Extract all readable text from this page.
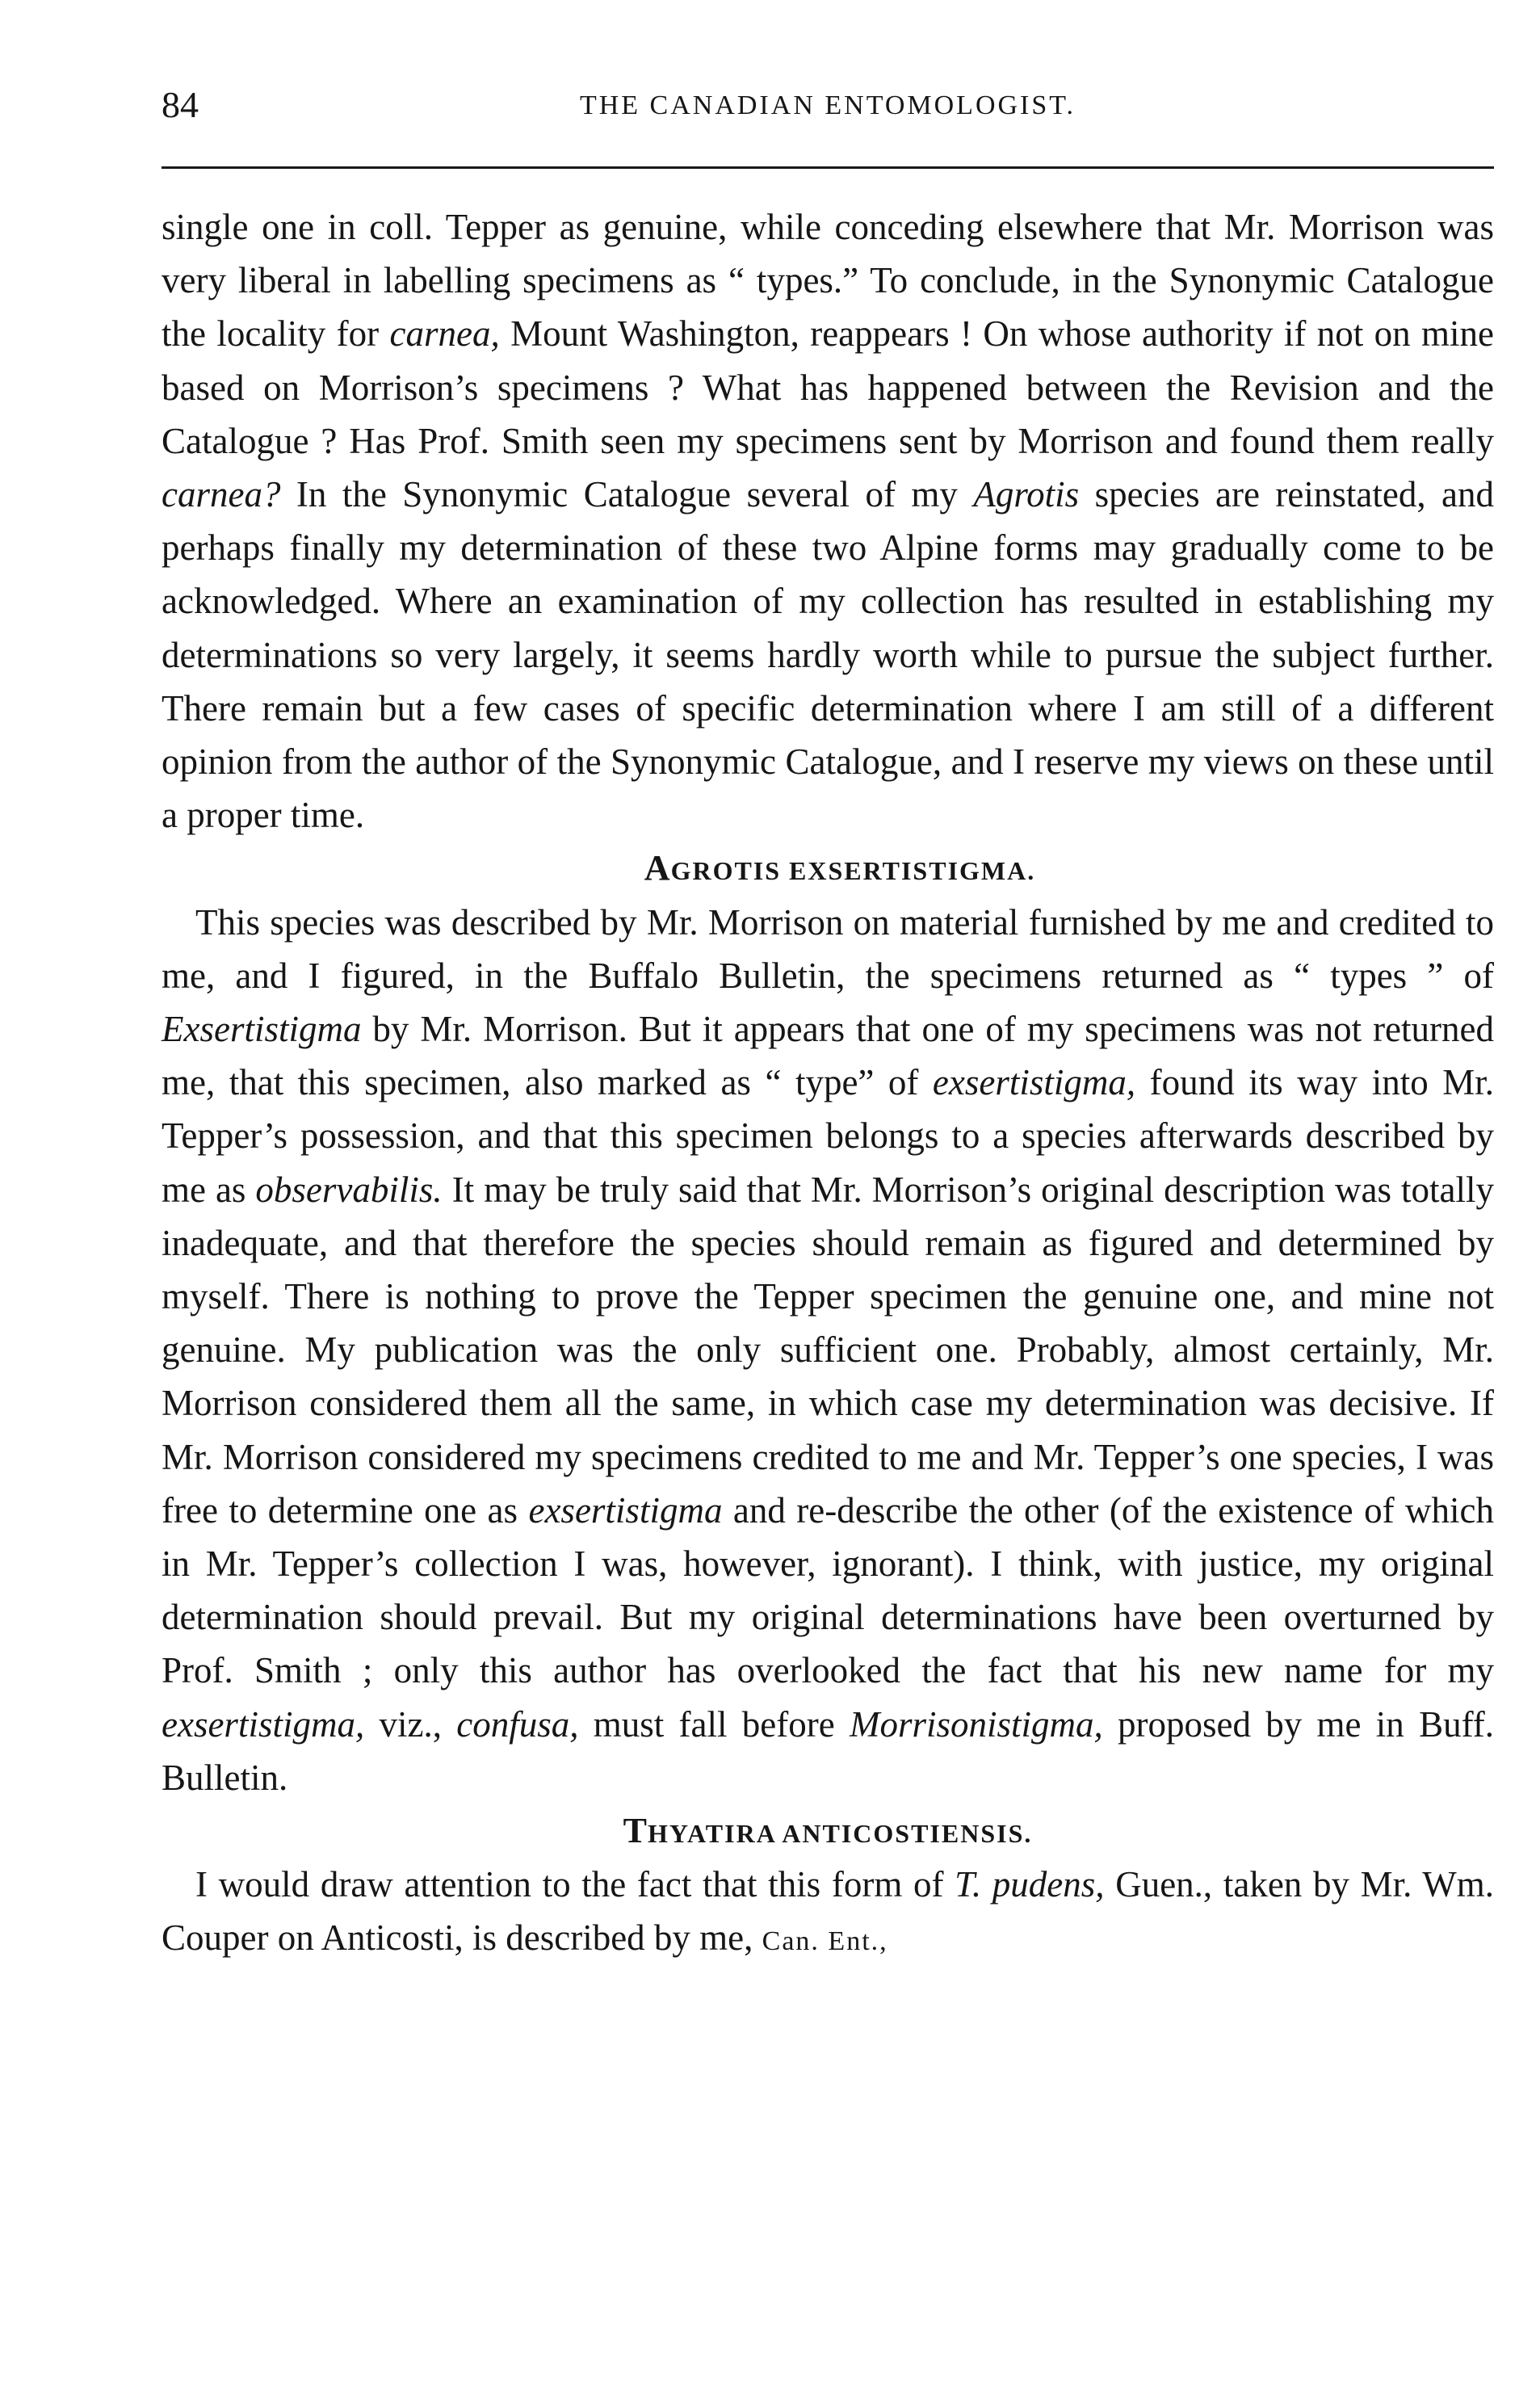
84	THE CANADIAN ENTOMOLOGIST.

single one in coll. Tepper as genuine, while conceding elsewhere that Mr. Morrison was very liberal in labelling specimens as “ types.” To conclude, in the Synonymic Catalogue the locality for carnea, Mount Washington, reappears ! On whose authority if not on mine based on Morrison’s specimens ? What has happened between the Revision and the Catalogue ? Has Prof. Smith seen my specimens sent by Morrison and found them really carnea? In the Synonymic Catalogue several of my Agrotis species are reinstated, and perhaps finally my determination of these two Alpine forms may gradually come to be acknowledged. Where an examination of my collection has resulted in establishing my determinations so very largely, it seems hardly worth while to pursue the subject further. There remain but a few cases of specific determination where I am still of a different opinion from the author of the Synonymic Catalogue, and I reserve my views on these until a proper time.

AGROTIS EXSERTISTIGMA.

This species was described by Mr. Morrison on material furnished by me and credited to me, and I figured, in the Buffalo Bulletin, the specimens returned as “ types ” of Exsertistigma by Mr. Morrison. But it appears that one of my specimens was not returned me, that this specimen, also marked as “ type” of exsertistigma, found its way into Mr. Tepper’s possession, and that this specimen belongs to a species afterwards described by me as observabilis. It may be truly said that Mr. Morrison’s original description was totally inadequate, and that therefore the species should remain as figured and determined by myself. There is nothing to prove the Tepper specimen the genuine one, and mine not genuine. My publication was the only sufficient one. Probably, almost certainly, Mr. Morrison considered them all the same, in which case my determination was decisive. If Mr. Morrison considered my specimens credited to me and Mr. Tepper’s one species, I was free to determine one as exsertistigma and re-describe the other (of the existence of which in Mr. Tepper’s collection I was, however, ignorant). I think, with justice, my original determination should prevail. But my original determinations have been overturned by Prof. Smith ; only this author has overlooked the fact that his new name for my exsertistigma, viz., confusa, must fall before Morrisonistigma, proposed by me in Buff. Bulletin.

THYATIRA ANTICOSTIENSIS.

I would draw attention to the fact that this form of T. pudens, Guen., taken by Mr. Wm. Couper on Anticosti, is described by me, Can. Ent.,
